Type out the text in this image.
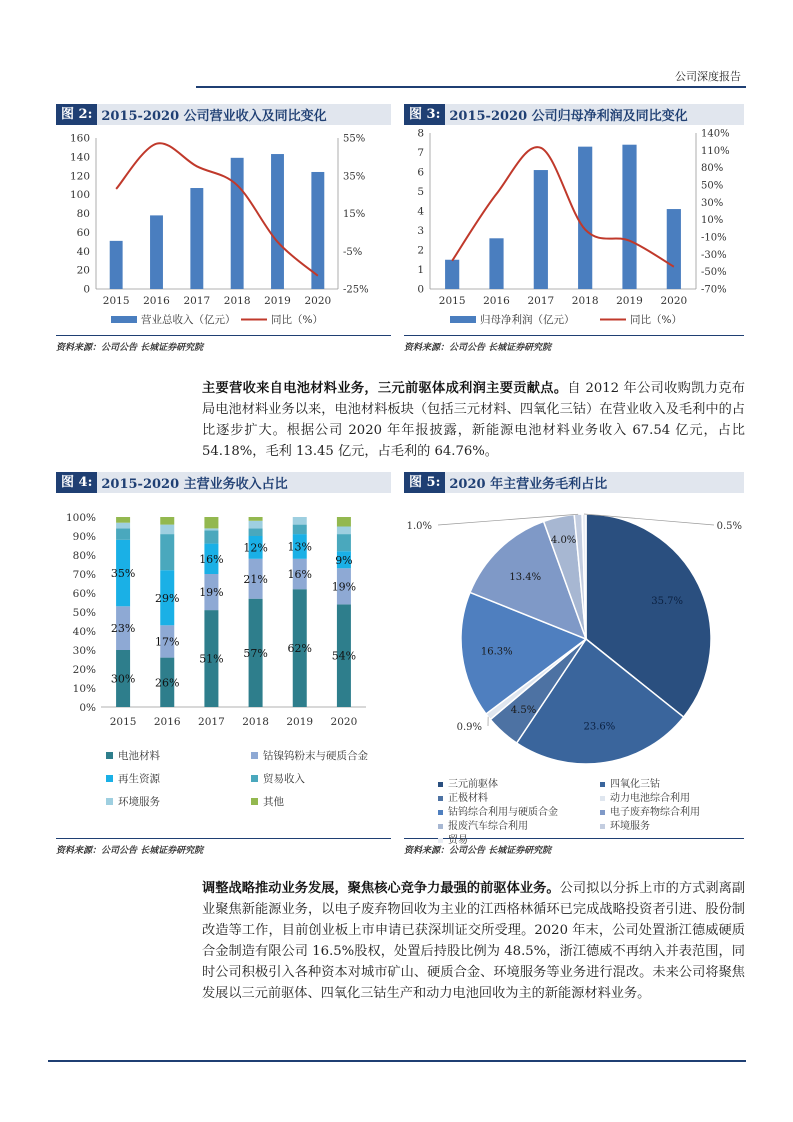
公司深度报告
图 2: 2015-2020 公司营业收入及同比变化
0
20
40
60
80
100
120
140
160
-25%
-5%
15%
35%
55%
2015 2016 2017 2018 2019 2020
营业总收入（亿元）	同比（%）
资料来源：公司公告 长城证券研究院
图 3: 2015-2020 公司归母净利润及同比变化
0
1
2
3
4
5
6
7
8
-70%
-50%
-30%
-10%
10%
30%
50%
80%
110%
140%
2015 2016 2017 2018 2019 2020
归母净利润（亿元）	同比（%）
资料来源：公司公告 长城证券研究院
主要营收来自电池材料业务，三元前驱体成利润主要贡献点。自 2012 年公司收购凯力克布局电池材料业务以来，电池材料板块（包括三元材料、四氧化三钴）在营业收入及毛利中的占比逐步扩大。根据公司 2020 年年报披露，新能源电池材料业务收入 67.54 亿元，占比 54.18%，毛利 13.45 亿元，占毛利的 64.76%。
图 4: 2015-2020 主营业务收入占比
0%
10%
20%
30%
40%
50%
60%
70%
80%
90%
100%
30%
23%
35%
2015
26%
17%
29%
2016
51%
19%
16%
2017
57%
21%
12%
2018
62%
16%
13%
2019
54%
19%
9%
2020
电池材料	钴镍钨粉末与硬质合金
再生资源	贸易收入
环境服务	其他
资料来源：公司公告 长城证券研究院
图 5: 2020 年主营业务毛利占比
35.7%
23.6%
4.5%
0.9%
16.3%
13.4%
4.0%
1.0%	0.5%
三元前驱体	四氧化三钴
正极材料	动力电池综合利用
钴钨综合利用与硬质合金	电子废弃物综合利用
报废汽车综合利用	环境服务
贸易
资料来源：公司公告 长城证券研究院
调整战略推动业务发展，聚焦核心竞争力最强的前驱体业务。公司拟以分拆上市的方式剥离副业聚焦新能源业务，以电子废弃物回收为主业的江西格林循环已完成战略投资者引进、股份制改造等工作，目前创业板上市申请已获深圳证交所受理。2020 年末，公司处置浙江德威硬质合金制造有限公司 16.5%股权，处置后持股比例为 48.5%，浙江德威不再纳入并表范围，同时公司积极引入各种资本对城市矿山、硬质合金、环境服务等业务进行混改。未来公司将聚焦发展以三元前驱体、四氧化三钴生产和动力电池回收为主的新能源材料业务。
